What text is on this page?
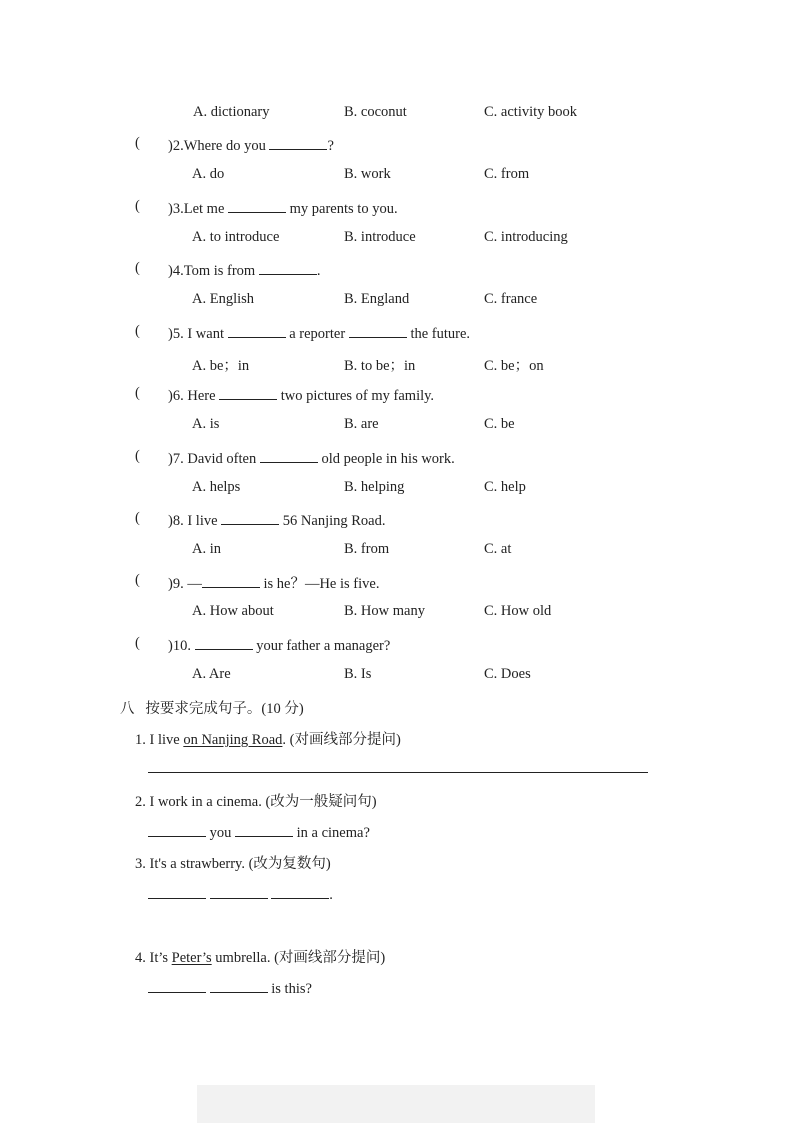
A. dictionary	B. coconut	C. activity book
( )2.Where do you	?
A. do	B. work	C. from
( )3.Let me	my parents to you.
A. to introduce	B. introduce	C. introducing
( )4.Tom is from	.
A. English	B. England	C. france
( )5. I want	a reporter	the future.
A. be；in	B. to be；in	C. be；on
( )6. Here	two pictures of my family.
A. is	B. are	C. be
( )7. David often	old people in his work.
A. helps	B. helping	C. help
( )8. I live	56 Nanjing Road.
A. in	B. from	C. at
( )9. —	is he？—He is five.
A. How about	B. How many	C. How old
( )10.	your father a manager?
A. Are	B. Is	C. Does
八   按要求完成句子。(10 分)
1. I live on Nanjing Road. (对画线部分提问)
2. I work in a cinema. (改为一般疑问句)
you	in a cinema?
3. It's a strawberry. (改为复数句)
.
4. It’s Peter’s umbrella. (对画线部分提问)
is this?
